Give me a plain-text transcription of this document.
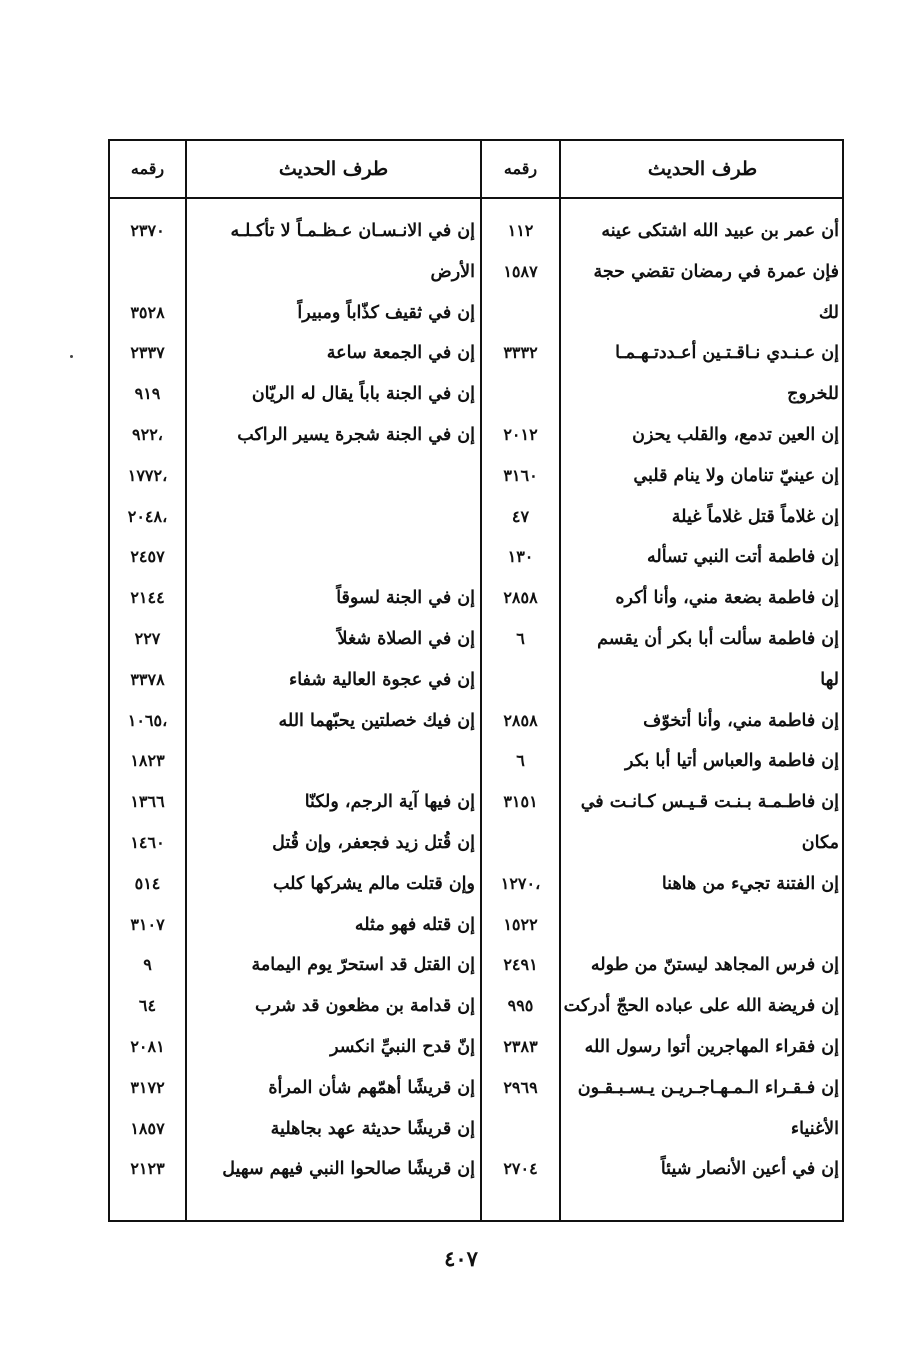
طرف الحديث
رقمه
طرف الحديث
رقمه
أن عمر بن عبيد الله اشتكى عينه
١١٢
فإن عمرة في رمضان تقضي حجة
١٥٨٧
لك
إن عـنـدي نـاقـتـين أعـددتـهـمـا
٣٣٣٢
للخروج
إن العين تدمع، والقلب يحزن
٢٠١٢
إن عينيّ تنامان ولا ينام قلبي
٣١٦٠
إن غلاماً قتل غلاماً غيلة
٤٧
إن فاطمة أتت النبي تسأله
١٣٠
إن فاطمة بضعة مني، وأنا أكره
٢٨٥٨
إن فاطمة سألت أبا بكر أن يقسم
٦
لها
إن فاطمة مني، وأنا أتخوّف
٢٨٥٨
إن فاطمة والعباس أتيا أبا بكر
٦
إن فاطـمـة بـنـت قـيـس كـانـت في
٣١٥١
مكان
إن الفتنة تجيء من هاهنا
١٢٧٠،
١٥٢٢
إن فرس المجاهد ليستنّ من طوله
٢٤٩١
إن فريضة الله على عباده الحجّ أدركت
٩٩٥
إن فقراء المهاجرين أتوا رسول الله
٢٣٨٣
إن فـقـراء الـمـهـاجـريـن يـسـبـقـون
٢٩٦٩
الأغنياء
إن في أعين الأنصار شيئاً
٢٧٠٤
إن في الانـسـان عـظـمـاً لا تأكـلـه
٢٣٧٠
الأرض
إن في ثقيف كذّاباً ومبيراً
٣٥٢٨
إن في الجمعة ساعة
٢٣٣٧
إن في الجنة باباً يقال له الريّان
٩١٩
إن في الجنة شجرة يسير الراكب
٩٢٢،
١٧٧٢،
٢٠٤٨،
٢٤٥٧
إن في الجنة لسوقاً
٢١٤٤
إن في الصلاة شغلاً
٢٢٧
إن في عجوة العالية شفاء
٣٣٧٨
إن فيك خصلتين يحبّهما الله
١٠٦٥،
١٨٢٣
إن فيها آية الرجم، ولكنّا
١٣٦٦
إن قُتل زيد فجعفر، وإن قُتل
١٤٦٠
وإن قتلت مالم يشركها كلب
٥١٤
إن قتله فهو مثله
٣١٠٧
إن القتل قد استحرّ يوم اليمامة
٩
إن قدامة بن مظعون قد شرب
٦٤
إنّ قدح النبيِّ انكسر
٢٠٨١
إن قريشًا أهمّهم شأن المرأة
٣١٧٢
إن قريشًا حديثة عهد بجاهلية
١٨٥٧
إن قريشًا صالحوا النبي فيهم سهيل
٢١٢٣
٤٠٧
